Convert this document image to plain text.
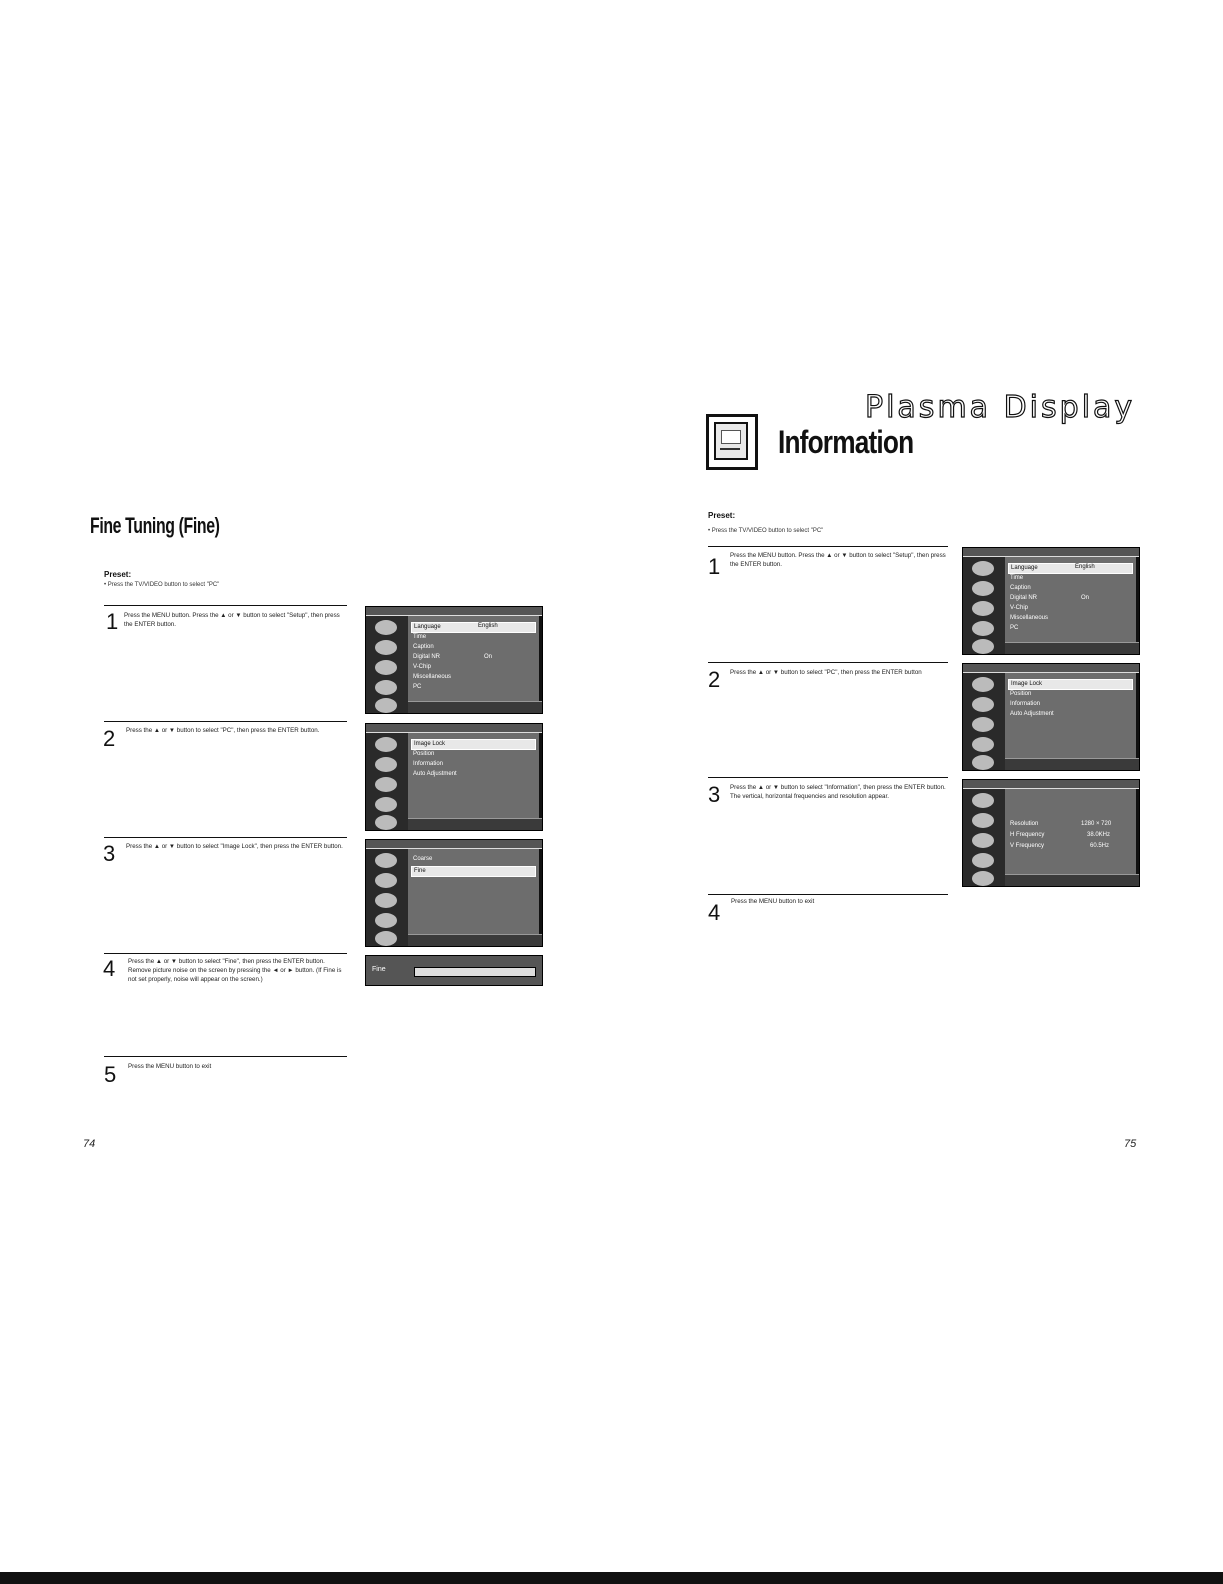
Fine Tuning (Fine)
Preset:
• Press the TV/VIDEO button to select "PC"
1 Press the MENU button. Press the ▲ or ▼ button to select "Setup", then press the ENTER button.
2 Press the ▲ or ▼ button to select "PC", then press the ENTER button.
3 Press the ▲ or ▼ button to select "Image Lock", then press the ENTER button.
4 Press the ▲ or ▼ button to select "Fine", then press the ENTER button. Remove picture noise on the screen by pressing the ◄ or ► button. (If Fine is not set properly, noise will appear on the screen.)
5 Press the MENU button to exit
Language	English
Time
Caption
Digital NR	On
V-Chip
Miscellaneous
PC
Image Lock
Position
Information
Auto Adjustment
Coarse
Fine
Fine
74
Plasma Display
Information
Preset:
• Press the TV/VIDEO button to select "PC"
1 Press the MENU button. Press the ▲ or ▼ button to select "Setup", then press the ENTER button.
2 Press the ▲ or ▼ button to select "PC", then press the ENTER button
3 Press the ▲ or ▼ button to select "Information", then press the ENTER button. The vertical, horizontal frequencies and resolution appear.
4 Press the MENU button to exit
Language	English
Time
Caption
Digital NR	On
V-Chip
Miscellaneous
PC
Image Lock
Position
Information
Auto Adjustment
Resolution	1280 × 720
H Frequency	38.0KHz
V Frequency	60.5Hz
75
